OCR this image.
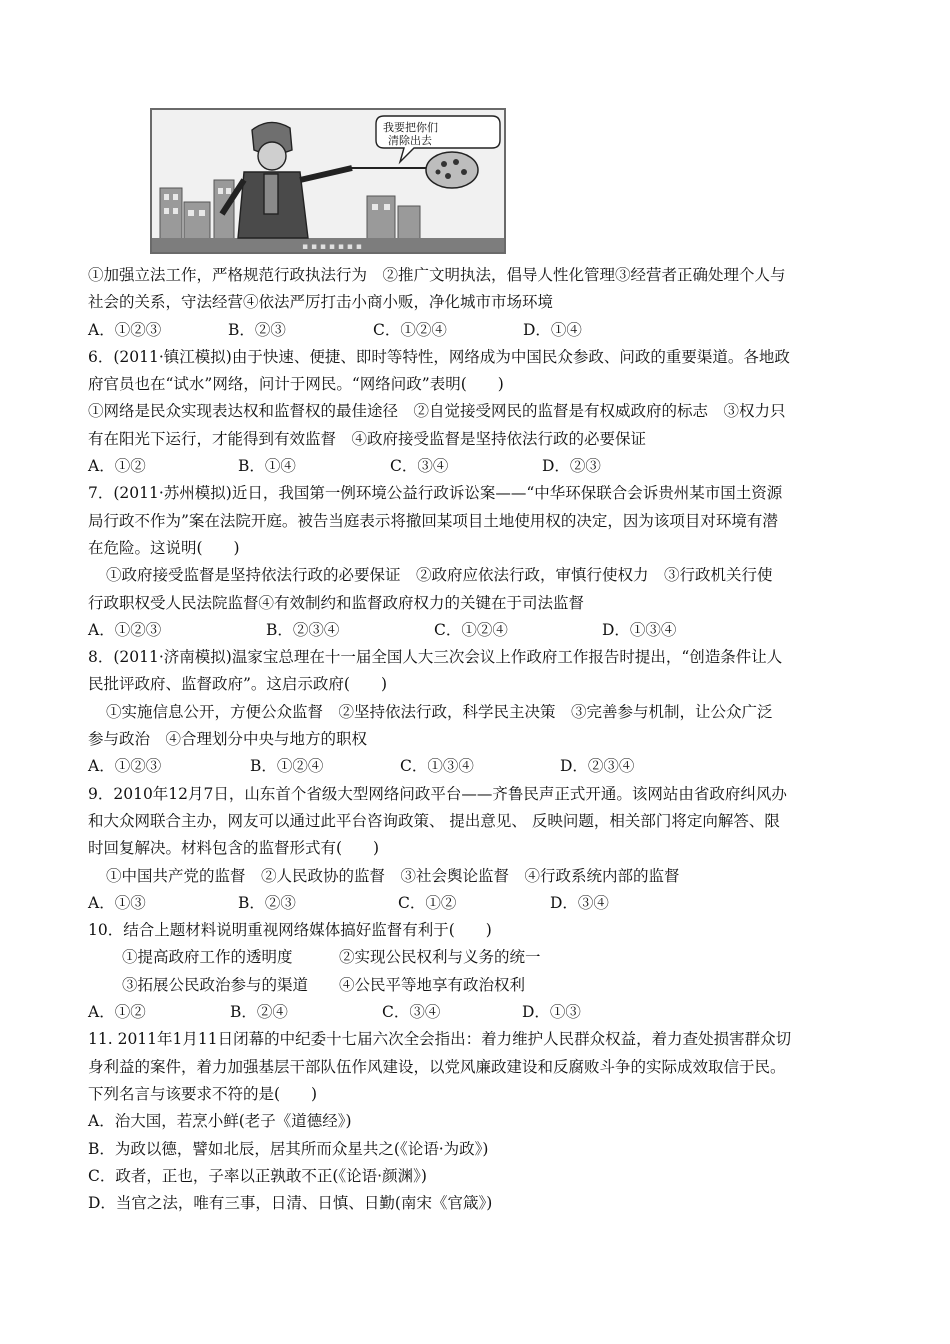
▪ ▪ ▪ ▪ ▪ ▪ ▪
我要把你们
清除出去
①加强立法工作，严格规范行政执法行为　②推广文明执法，倡导人性化管理③经营者正确处理个人与
社会的关系，守法经营④依法严厉打击小商小贩，净化城市市场环境
A．①②③	B．②③	C．①②④	D．①④
6．(2011·镇江模拟)由于快速、便捷、即时等特性，网络成为中国民众参政、问政的重要渠道。各地政
府官员也在“试水”网络，问计于网民。“网络问政”表明(　　)
①网络是民众实现表达权和监督权的最佳途径　②自觉接受网民的监督是有权威政府的标志　③权力只
有在阳光下运行，才能得到有效监督　④政府接受监督是坚持依法行政的必要保证
A．①②	B．①④	C．③④	D．②③
7．(2011·苏州模拟)近日，我国第一例环境公益行政诉讼案——“中华环保联合会诉贵州某市国土资源
局行政不作为”案在法院开庭。被告当庭表示将撤回某项目土地使用权的决定，因为该项目对环境有潜
在危险。这说明(　　)
①政府接受监督是坚持依法行政的必要保证　②政府应依法行政，审慎行使权力　③行政机关行使
行政职权受人民法院监督④有效制约和监督政府权力的关键在于司法监督
A．①②③	B．②③④	C．①②④	D．①③④
8．(2011·济南模拟)温家宝总理在十一届全国人大三次会议上作政府工作报告时提出，“创造条件让人
民批评政府、监督政府”。这启示政府(　　)
①实施信息公开，方便公众监督　②坚持依法行政，科学民主决策　③完善参与机制，让公众广泛
参与政治　④合理划分中央与地方的职权
A．①②③	B．①②④	C．①③④	D．②③④
9．2010年12月7日，山东首个省级大型网络问政平台——齐鲁民声正式开通。该网站由省政府纠风办
和大众网联合主办，网友可以通过此平台咨询政策、 提出意见、 反映问题，相关部门将定向解答、限
时回复解决。材料包含的监督形式有(　　)
①中国共产党的监督　②人民政协的监督　③社会舆论监督　④行政系统内部的监督
A．①③	B．②③	C．①②	D．③④
10．结合上题材料说明重视网络媒体搞好监督有利于(　　)
①提高政府工作的透明度　　　②实现公民权利与义务的统一
③拓展公民政治参与的渠道　　④公民平等地享有政治权利
A．①②	B．②④	C．③④	D．①③
11. 2011年1月11日闭幕的中纪委十七届六次全会指出：着力维护人民群众权益，着力查处损害群众切
身利益的案件，着力加强基层干部队伍作风建设，以党风廉政建设和反腐败斗争的实际成效取信于民。
下列名言与该要求不符的是(　　)
A．治大国，若烹小鲜(老子《道德经》)
B．为政以德，譬如北辰，居其所而众星共之(《论语·为政》)
C．政者，正也，子率以正孰敢不正(《论语·颜渊》)
D．当官之法，唯有三事，日清、日慎、日勤(南宋《官箴》)
